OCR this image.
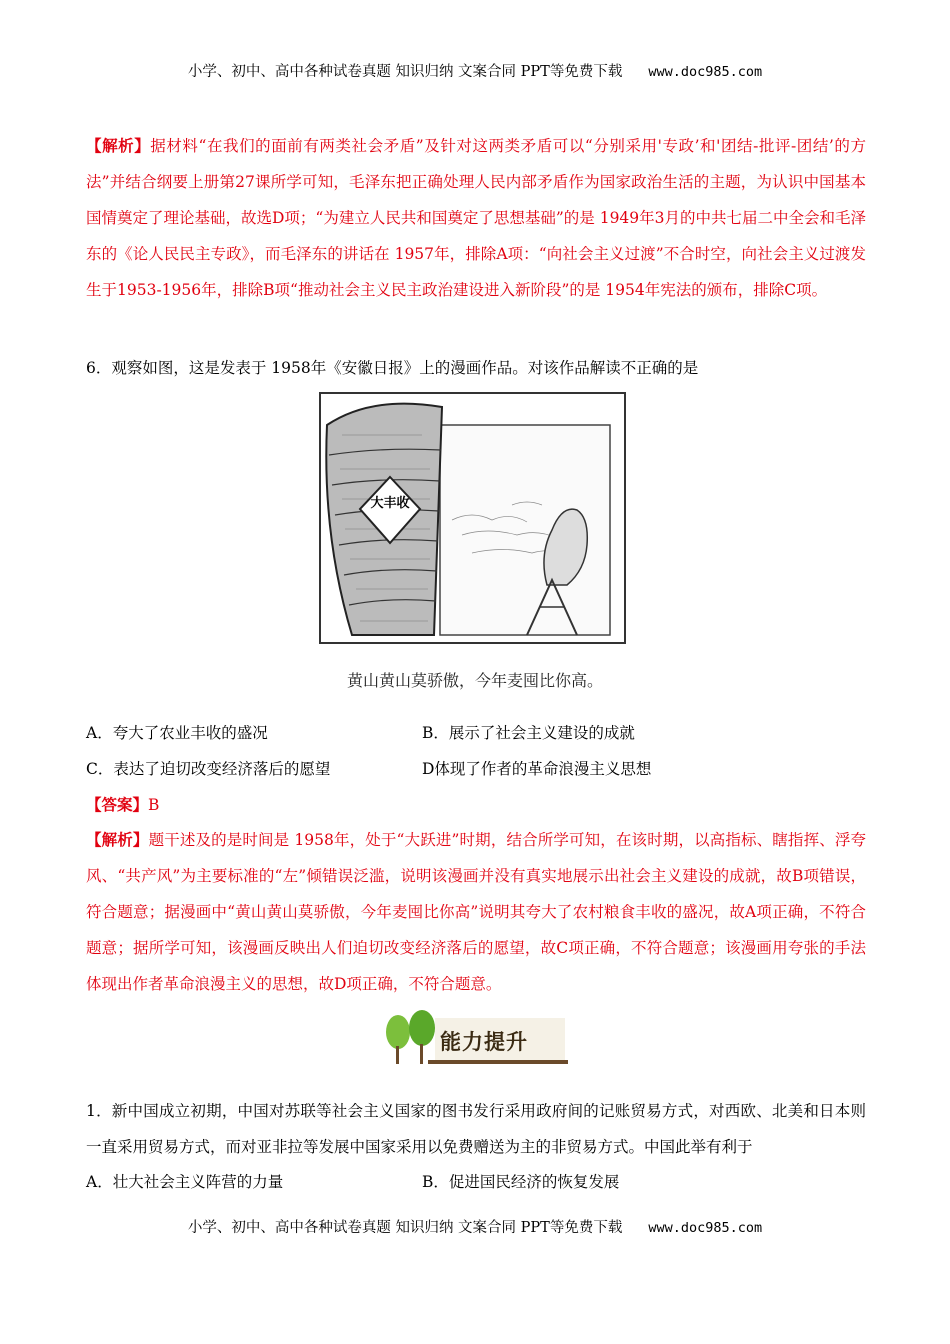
小学、初中、高中各种试卷真题 知识归纳 文案合同 PPT等免费下载 www.doc985.com
【解析】据材料“在我们的面前有两类社会矛盾”及针对这两类矛盾可以“分别采用'专政’和'团结-批评-团结’的方法”并结合纲要上册第27课所学可知，毛泽东把正确处理人民内部矛盾作为国家政治生活的主题，为认识中国基本国情奠定了理论基础，故选D项；“为建立人民共和国奠定了思想基础”的是 1949年3月的中共七届二中全会和毛泽东的《论人民民主专政》，而毛泽东的讲话在 1957年，排除A项：“向社会主义过渡”不合时空，向社会主义过渡发生于1953-1956年，排除B项“推动社会主义民主政治建设进入新阶段”的是 1954年宪法的颁布，排除C项。
6．观察如图，这是发表于 1958年《安徽日报》上的漫画作品。对该作品解读不正确的是
大丰收
黄山黄山莫骄傲，今年麦囤比你高。
A．夸大了农业丰收的盛况	B．展示了社会主义建设的成就
C．表达了迫切改变经济落后的愿望	D体现了作者的革命浪漫主义思想
【答案】B
【解析】题干述及的是时间是 1958年，处于“大跃进”时期，结合所学可知，在该时期，以高指标、瞎指挥、浮夸风、“共产风”为主要标准的“左”倾错误泛滥，说明该漫画并没有真实地展示出社会主义建设的成就，故B项错误，符合题意；据漫画中“黄山黄山莫骄傲，今年麦囤比你高”说明其夸大了农村粮食丰收的盛况，故A项正确，不符合题意；据所学可知，该漫画反映出人们迫切改变经济落后的愿望，故C项正确，不符合题意；该漫画用夸张的手法体现出作者革命浪漫主义的思想，故D项正确，不符合题意。
能力提升
1．新中国成立初期，中国对苏联等社会主义国家的图书发行采用政府间的记账贸易方式，对西欧、北美和日本则一直采用贸易方式，而对亚非拉等发展中国家采用以免费赠送为主的非贸易方式。中国此举有利于
A．壮大社会主义阵营的力量	B．促进国民经济的恢复发展
小学、初中、高中各种试卷真题 知识归纳 文案合同 PPT等免费下载 www.doc985.com
